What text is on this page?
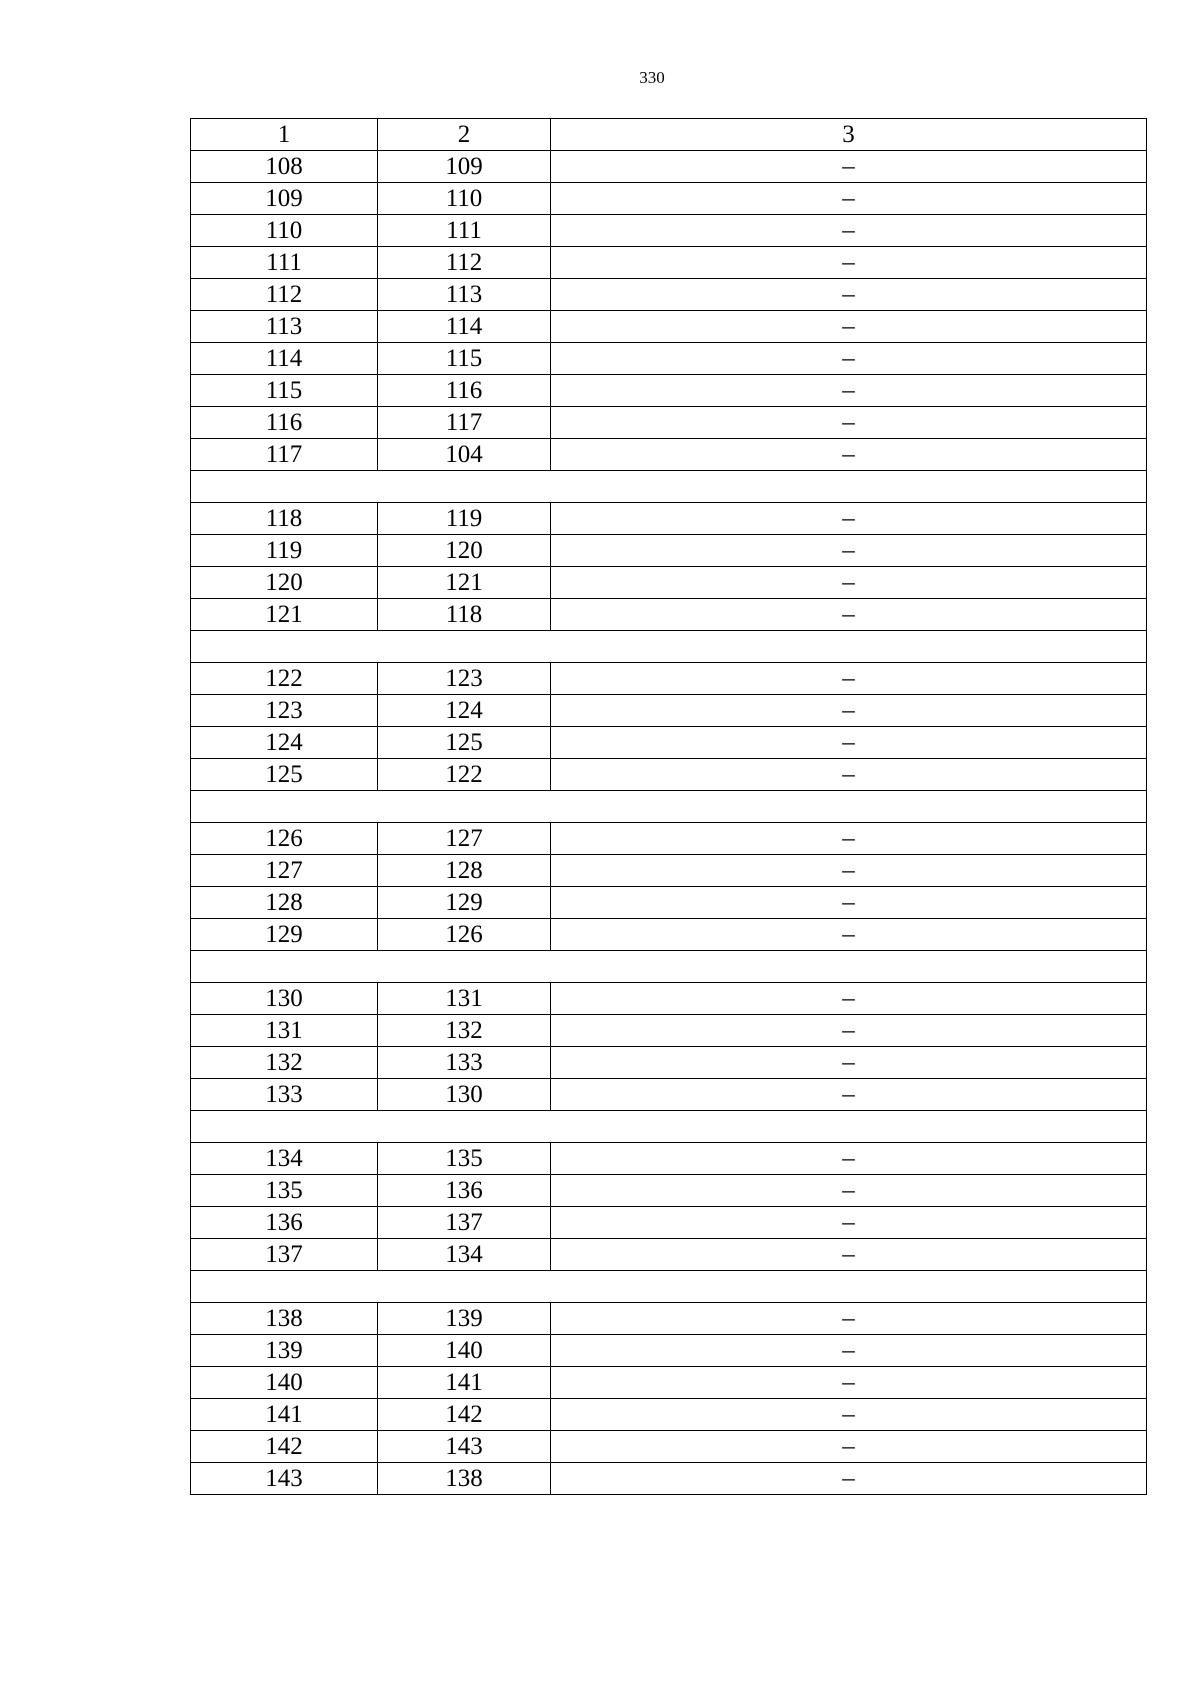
330
1	2	3
108	109	–
109	110	–
110	111	–
111	112	–
112	113	–
113	114	–
114	115	–
115	116	–
116	117	–
117	104	–

118	119	–
119	120	–
120	121	–
121	118	–

122	123	–
123	124	–
124	125	–
125	122	–

126	127	–
127	128	–
128	129	–
129	126	–

130	131	–
131	132	–
132	133	–
133	130	–

134	135	–
135	136	–
136	137	–
137	134	–

138	139	–
139	140	–
140	141	–
141	142	–
142	143	–
143	138	–
